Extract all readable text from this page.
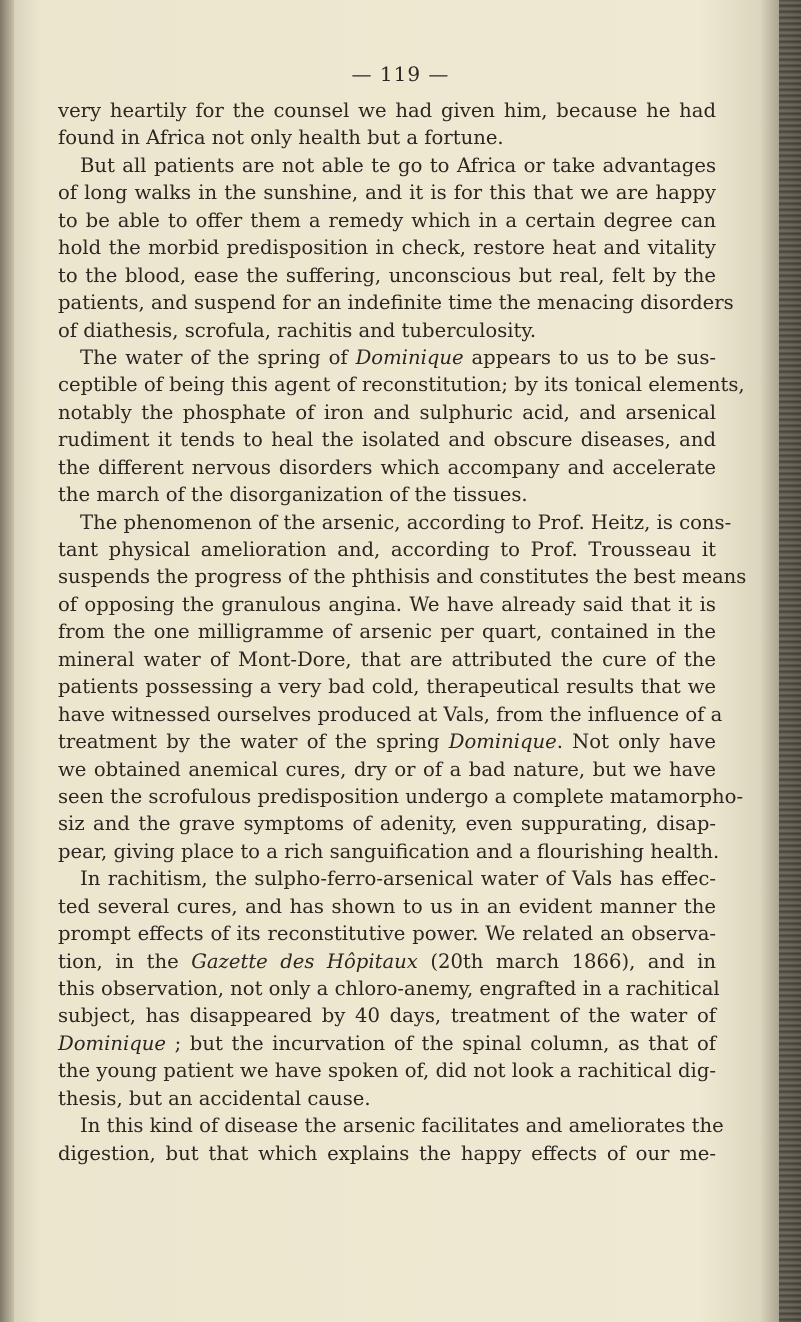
— 119 —
very heartily for the counsel we had given him, because he had
found in Africa not only health but a fortune.
But all patients are not able te go to Africa or take advantages
of long walks in the sunshine, and it is for this that we are happy
to be able to offer them a remedy which in a certain degree can
hold the morbid predisposition in check, restore heat and vitality
to the blood, ease the suffering, unconscious but real, felt by the
patients, and suspend for an indefinite time the menacing disorders
of diathesis, scrofula, rachitis and tuberculosity.
The water of the spring of Dominique appears to us to be sus-
ceptible of being this agent of reconstitution; by its tonical elements,
notably the phosphate of iron and sulphuric acid, and arsenical
rudiment it tends to heal the isolated and obscure diseases, and
the different nervous disorders which accompany and accelerate
the march of the disorganization of the tissues.
The phenomenon of the arsenic, according to Prof. Heitz, is cons-
tant physical amelioration and, according to Prof. Trousseau it
suspends the progress of the phthisis and constitutes the best means
of opposing the granulous angina. We have already said that it is
from the one milligramme of arsenic per quart, contained in the
mineral water of Mont-Dore, that are attributed the cure of the
patients possessing a very bad cold, therapeutical results that we
have witnessed ourselves produced at Vals, from the influence of a
treatment by the water of the spring Dominique. Not only have
we obtained anemical cures, dry or of a bad nature, but we have
seen the scrofulous predisposition undergo a complete matamorpho-
siz and the grave symptoms of adenity, even suppurating, disap-
pear, giving place to a rich sanguification and a flourishing health.
In rachitism, the sulpho-ferro-arsenical water of Vals has effec-
ted several cures, and has shown to us in an evident manner the
prompt effects of its reconstitutive power. We related an observa-
tion, in the Gazette des Hôpitaux (20th march 1866), and in
this observation, not only a chloro-anemy, engrafted in a rachitical
subject, has disappeared by 40 days, treatment of the water of
Dominique ; but the incurvation of the spinal column, as that of
the young patient we have spoken of, did not look a rachitical dig-
thesis, but an accidental cause.
In this kind of disease the arsenic facilitates and ameliorates the
digestion, but that which explains the happy effects of our me-
